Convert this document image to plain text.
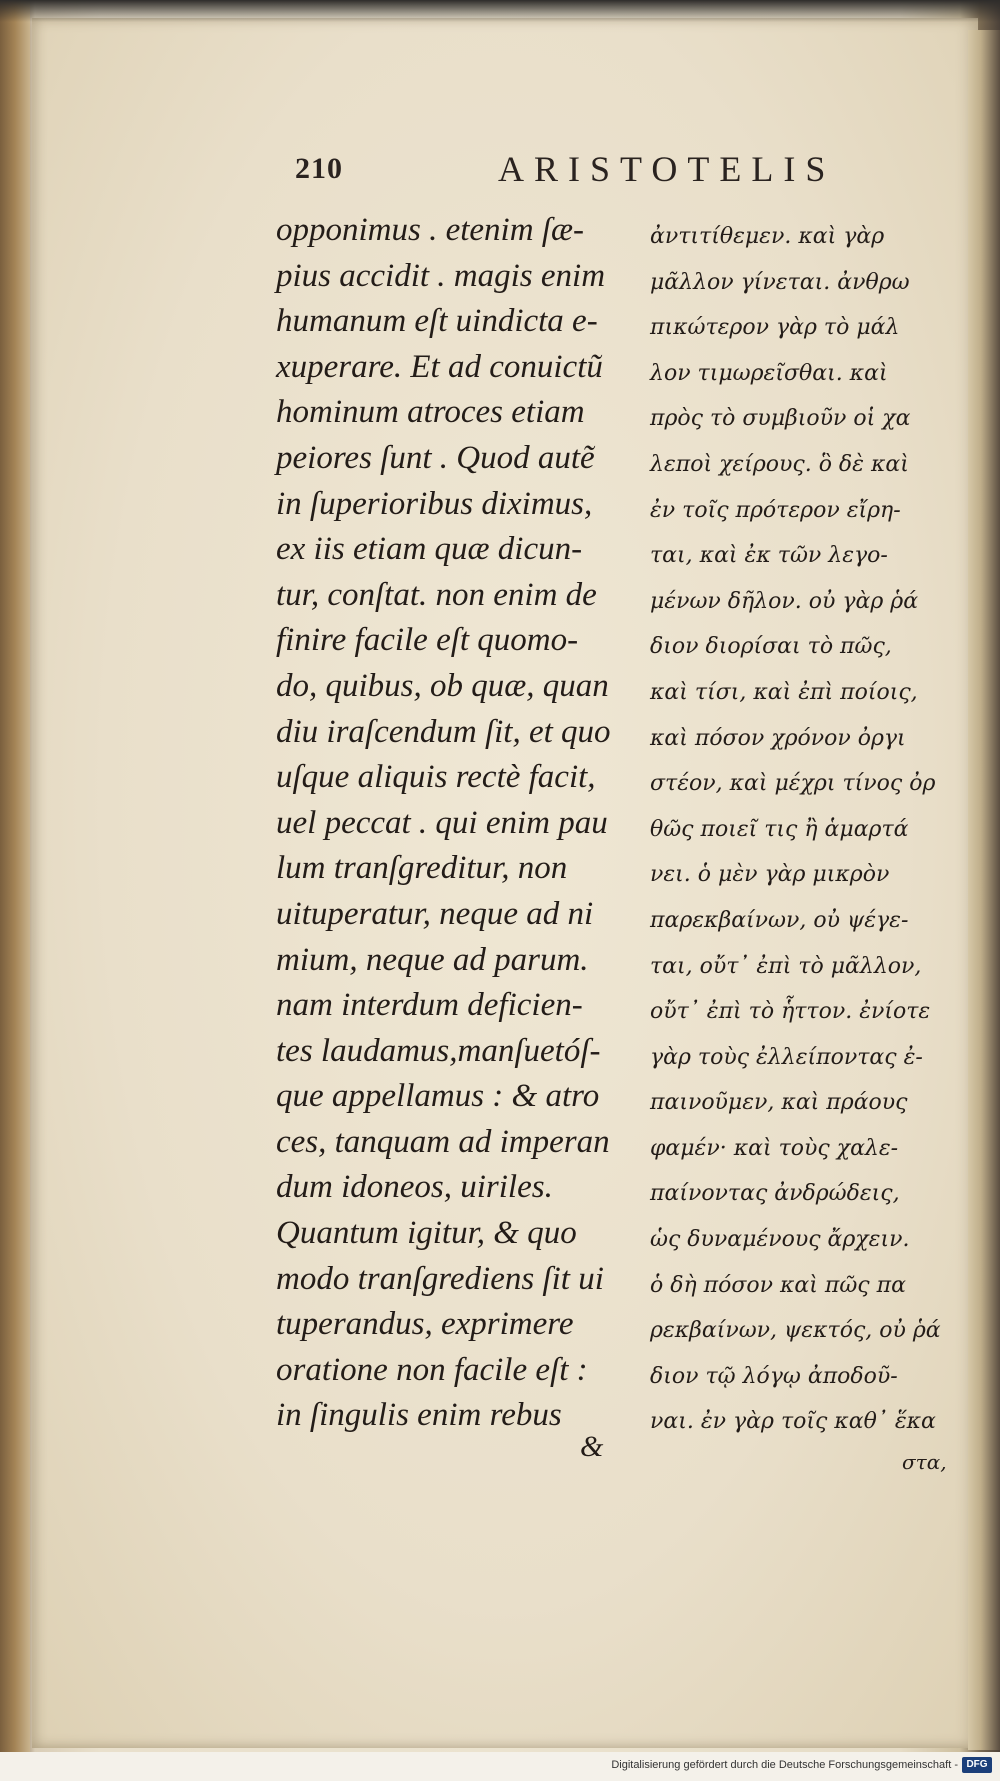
210	ARISTOTELIS
opponimus . etenim ſæ-
pius accidit . magis enim
humanum eſt uindicta e-
xuperare. Et ad conuictũ
hominum atroces etiam
peiores ſunt . Quod autẽ
in ſuperioribus diximus,
ex iis etiam quæ dicun-
tur, conſtat. non enim de
finire facile eſt quomo-
do, quibus, ob quæ, quan
diu iraſcendum ſit, et quo
uſque aliquis rectè facit,
uel peccat . qui enim pau
lum tranſgreditur, non
uituperatur, neque ad ni
mium, neque ad parum.
nam interdum deficien-
tes laudamus,manſuetóſ-
que appellamus : & atro
ces, tanquam ad imperan
dum idoneos, uiriles.
Quantum igitur, & quo
modo tranſgrediens ſit ui
tuperandus, exprimere
oratione non facile eſt :
in ſingulis enim rebus
ἀντιτίθεμεν. καὶ γὰρ
μᾶλλον γίνεται. ἀνθρω
πικώτερον γὰρ τὸ μάλ
λον τιμωρεῖσθαι. καὶ
πρὸς τὸ συμβιοῦν οἱ χα
λεποὶ χείρους. ὃ δὲ καὶ
ἐν τοῖς πρότερον εἴρη-
ται, καὶ ἐκ τῶν λεγο-
μένων δῆλον. οὐ γὰρ ῥά
διον διορίσαι τὸ πῶς,
καὶ τίσι, καὶ ἐπὶ ποίοις,
καὶ πόσον χρόνον ὀργι
στέον, καὶ μέχρι τίνος ὀρ
θῶς ποιεῖ τις ἢ ἁμαρτά
νει. ὁ μὲν γὰρ μικρὸν
παρεκβαίνων, οὐ ψέγε-
ται, οὔτ᾽ ἐπὶ τὸ μᾶλλον,
οὔτ᾽ ἐπὶ τὸ ἧττον. ἐνίοτε
γὰρ τοὺς ἐλλείποντας ἐ-
παινοῦμεν, καὶ πράους
φαμέν· καὶ τοὺς χαλε-
παίνοντας ἀνδρώδεις,
ὡς δυναμένους ἄρχειν.
ὁ δὴ πόσον καὶ πῶς πα
ρεκβαίνων, ψεκτός, οὐ ῥά
διον τῷ λόγῳ ἀποδοῦ-
ναι. ἐν γὰρ τοῖς καθ᾽ ἕκα
&	στα,
Digitalisierung gefördert durch die Deutsche Forschungsgemeinschaft - DFG
